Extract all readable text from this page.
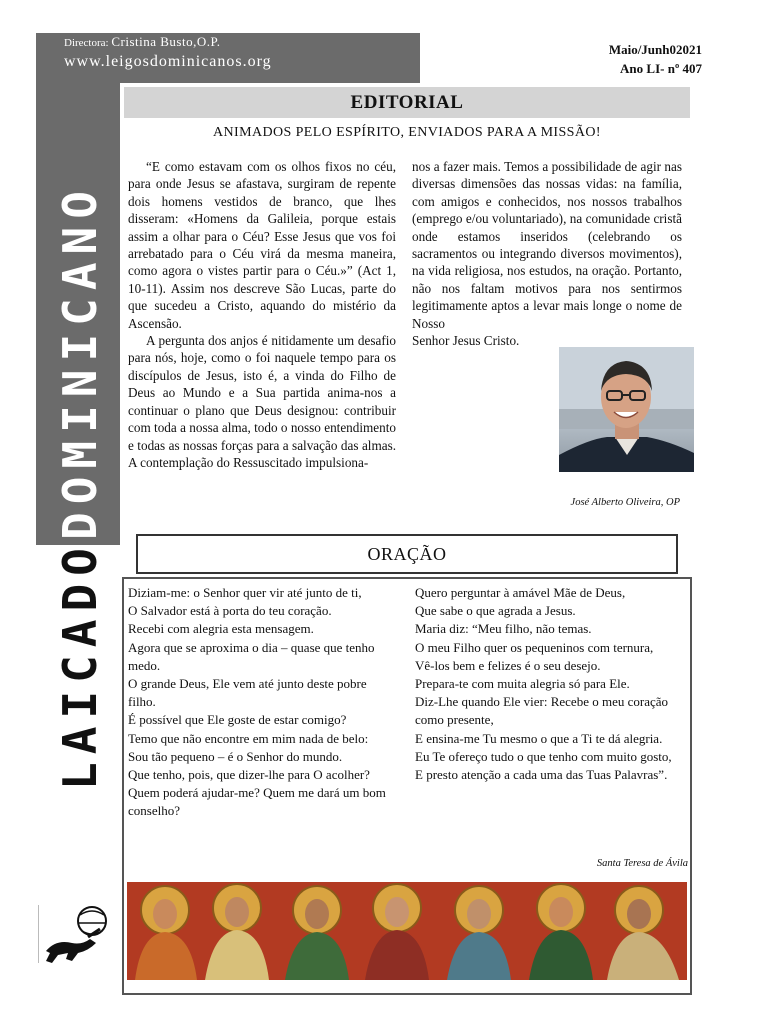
Directora: Cristina Busto,O.P.
www.leigosdominicanos.org
Maio/Junh02021
Ano LI- nº 407
LAICADODOMINICANO
EDITORIAL
ANIMADOS PELO ESPÍRITO, ENVIADOS PARA A MISSÃO!

“E como estavam com os olhos fixos no céu, para onde Jesus se afastava, surgiram de repente dois homens vestidos de branco, que lhes disseram: «Homens da Galileia, porque estais assim a olhar para o Céu? Esse Jesus que vos foi arrebatado para o Céu virá da mesma maneira, como agora o vistes partir para o Céu.»” (Act 1, 10-11). Assim nos descreve São Lucas, parte do que sucedeu a Cristo, aquando do mistério da Ascensão.

A pergunta dos anjos é nitidamente um desafio para nós, hoje, como o foi naquele tempo para os discípulos de Jesus, isto é, a vinda do Filho de Deus ao Mundo e a Sua partida anima-nos a continuar o plano que Deus designou: contribuir com toda a nossa alma, todo o nosso entendimento e todas as nossas forças para a salvação das almas. A contemplação do Ressuscitado impulsiona-

nos a fazer mais. Temos a possibilidade de agir nas diversas dimensões das nossas vidas: na família, com amigos e conhecidos, nos nossos trabalhos (emprego e/ou voluntariado), na comunidade cristã onde estamos inseridos (celebrando os sacramentos ou integrando diversos movimentos), na vida religiosa, nos estudos, na oração. Portanto, não nos faltam motivos para nos sentirmos legitimamente aptos a levar mais longe o nome de Nosso

Senhor Jesus Cristo.

José Alberto Oliveira, OP
ORAÇÃO
Diziam-me: o Senhor quer vir até junto de ti,
O Salvador está à porta do teu coração.
Recebi com alegria esta mensagem.
Agora que se aproxima o dia – quase que tenho medo.
O grande Deus, Ele vem até junto deste pobre filho.
É possível que Ele goste de estar comigo?
Temo que não encontre em mim nada de belo:
Sou tão pequeno – é o Senhor do mundo.
Que tenho, pois, que dizer-lhe para O acolher?
Quem poderá ajudar-me? Quem me dará um bom conselho?
Quero perguntar à amável Mãe de Deus,
Que sabe o que agrada a Jesus.
Maria diz: “Meu filho, não temas.
O meu Filho quer os pequeninos com ternura,
Vê-los bem e felizes é o seu desejo.
Prepara-te com muita alegria só para Ele.
Diz-Lhe quando Ele vier: Recebe o meu coração como presente,
E ensina-me Tu mesmo o que a Ti te dá alegria.
Eu Te ofereço tudo o que tenho com muito gosto,
E presto atenção a cada uma das Tuas Palavras”.
Santa Teresa de Ávila
